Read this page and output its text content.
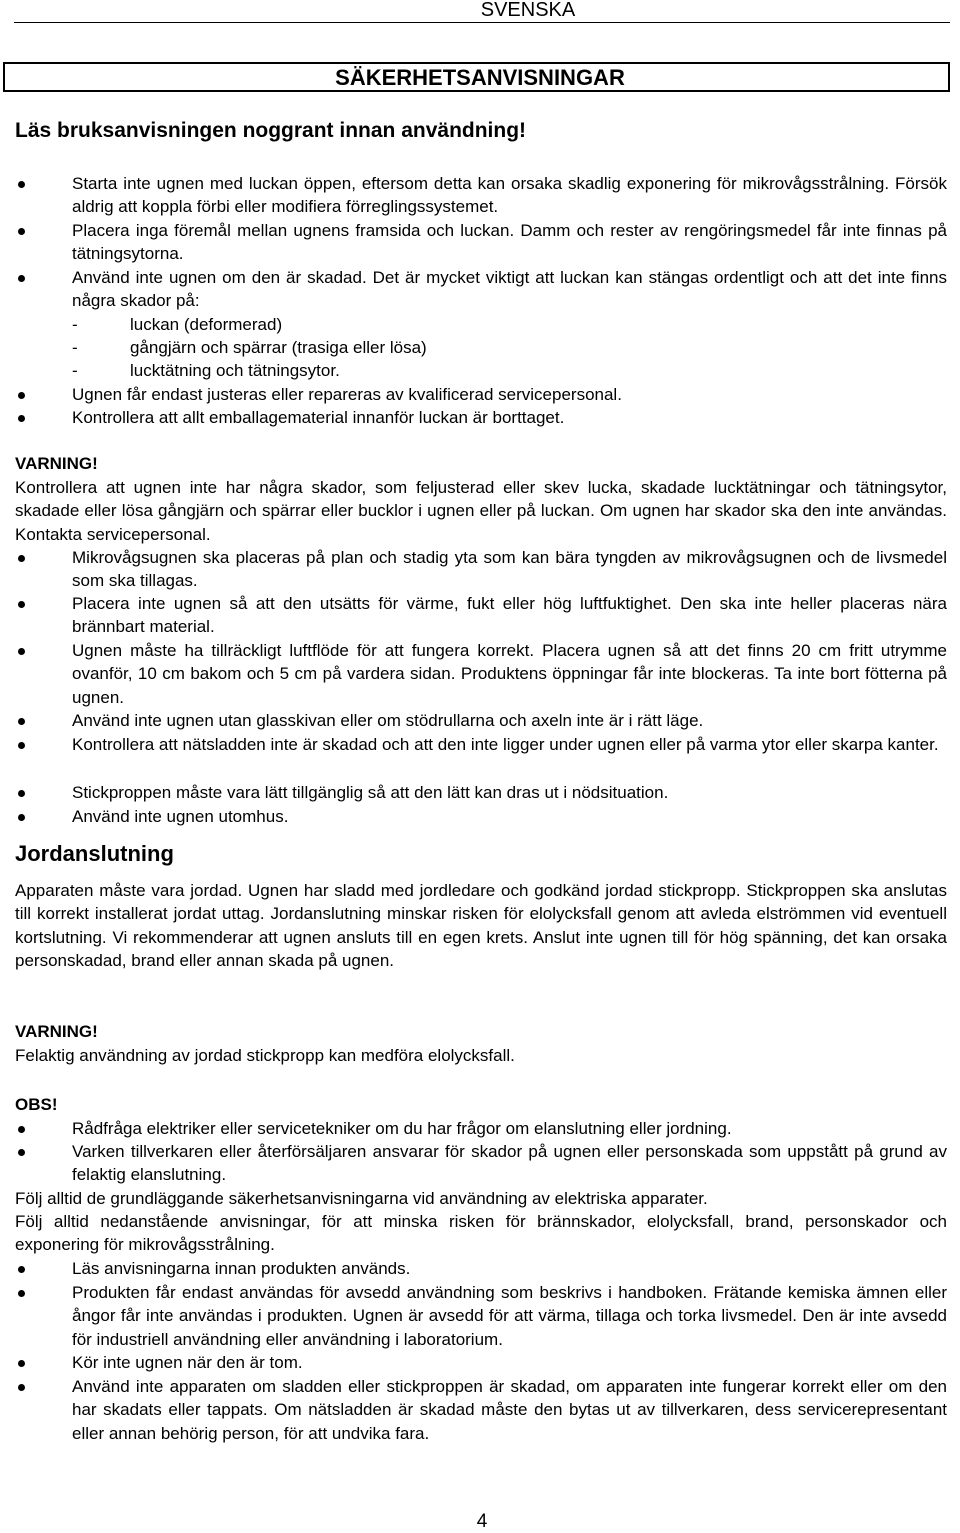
SVENSKA
SÄKERHETSANVISNINGAR
Läs bruksanvisningen noggrant innan användning!
Starta inte ugnen med luckan öppen, eftersom detta kan orsaka skadlig exponering för mikrovågsstrålning. Försök aldrig att koppla förbi eller modifiera förreglingssystemet.
Placera inga föremål mellan ugnens framsida och luckan. Damm och rester av rengöringsmedel får inte finnas på tätningsytorna.
Använd inte ugnen om den är skadad. Det är mycket viktigt att luckan kan stängas ordentligt och att det inte finns några skador på:
-	luckan (deformerad)
-	gångjärn och spärrar (trasiga eller lösa)
-	lucktätning och tätningsytor.
Ugnen får endast justeras eller repareras av kvalificerad servicepersonal.
Kontrollera att allt emballagematerial innanför luckan är borttaget.
VARNING!
Kontrollera att ugnen inte har några skador, som feljusterad eller skev lucka, skadade lucktätningar och tätningsytor, skadade eller lösa gångjärn och spärrar eller bucklor i ugnen eller på luckan. Om ugnen har skador ska den inte användas. Kontakta servicepersonal.
Mikrovågsugnen ska placeras på plan och stadig yta som kan bära tyngden av mikrovågsugnen och de livsmedel som ska tillagas.
Placera inte ugnen så att den utsätts för värme, fukt eller hög luftfuktighet. Den ska inte heller placeras nära brännbart material.
Ugnen måste ha tillräckligt luftflöde för att fungera korrekt. Placera ugnen så att det finns 20 cm fritt utrymme ovanför, 10 cm bakom och 5 cm på vardera sidan. Produktens öppningar får inte blockeras. Ta inte bort fötterna på ugnen.
Använd inte ugnen utan glasskivan eller om stödrullarna och axeln inte är i rätt läge.
Kontrollera att nätsladden inte är skadad och att den inte ligger under ugnen eller på varma ytor eller skarpa kanter.
Stickproppen måste vara lätt tillgänglig så att den lätt kan dras ut i nödsituation.
Använd inte ugnen utomhus.
Jordanslutning
Apparaten måste vara jordad. Ugnen har sladd med jordledare och godkänd jordad stickpropp. Stickproppen ska anslutas till korrekt installerat jordat uttag. Jordanslutning minskar risken för elolycksfall genom att avleda elströmmen vid eventuell kortslutning. Vi rekommenderar att ugnen ansluts till en egen krets. Anslut inte ugnen till för hög spänning, det kan orsaka personskadad, brand eller annan skada på ugnen.
VARNING!
Felaktig användning av jordad stickpropp kan medföra elolycksfall.
OBS!
Rådfråga elektriker eller servicetekniker om du har frågor om elanslutning eller jordning.
Varken tillverkaren eller återförsäljaren ansvarar för skador på ugnen eller personskada som uppstått på grund av felaktig elanslutning.
Följ alltid de grundläggande säkerhetsanvisningarna vid användning av elektriska apparater.
Följ alltid nedanstående anvisningar, för att minska risken för brännskador, elolycksfall, brand, personskador och exponering för mikrovågsstrålning.
Läs anvisningarna innan produkten används.
Produkten får endast användas för avsedd användning som beskrivs i handboken. Frätande kemiska ämnen eller ångor får inte användas i produkten. Ugnen är avsedd för att värma, tillaga och torka livsmedel. Den är inte avsedd för industriell användning eller användning i laboratorium.
Kör inte ugnen när den är tom.
Använd inte apparaten om sladden eller stickproppen är skadad, om apparaten inte fungerar korrekt eller om den har skadats eller tappats. Om nätsladden är skadad måste den bytas ut av tillverkaren, dess servicerepresentant eller annan behörig person, för att undvika fara.
4
